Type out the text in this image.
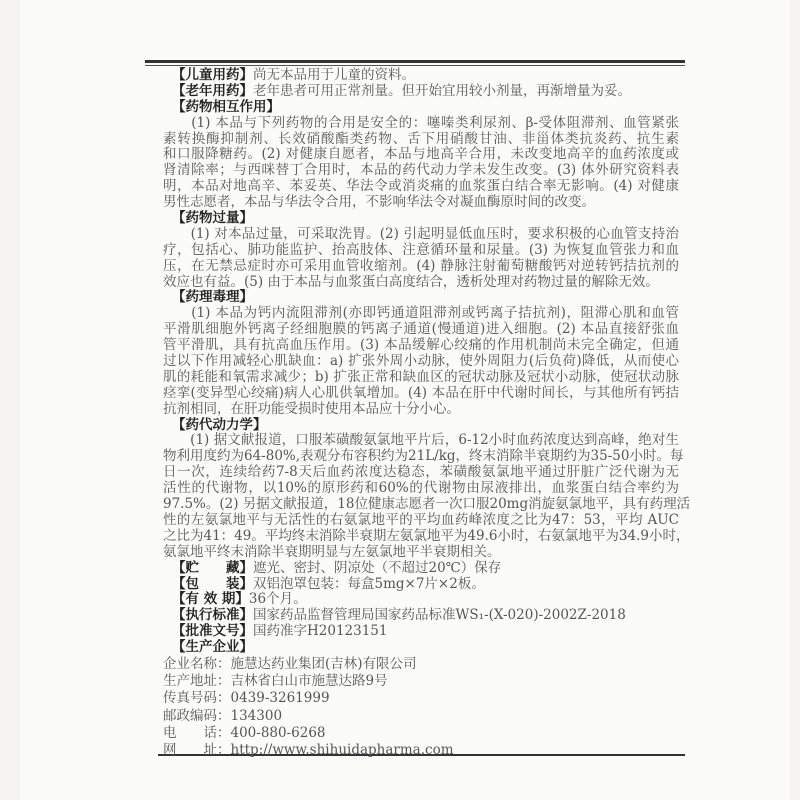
【儿童用药】尚无本品用于儿童的资料。
【老年用药】老年患者可用正常剂量。但开始宜用较小剂量，再渐增量为妥。
【药物相互作用】
　　(1) 本品与下列药物的合用是安全的：噻嗪类利尿剂、β-受体阻滞剂、血管紧张
素转换酶抑制剂、长效硝酸酯类药物、舌下用硝酸甘油、非甾体类抗炎药、抗生素
和口服降糖药。(2) 对健康自愿者，本品与地高辛合用，未改变地高辛的血药浓度或
肾清除率；与西咪替丁合用时，本品的药代动力学未发生改变。(3) 体外研究资料表
明，本品对地高辛、苯妥英、华法令或消炎痛的血浆蛋白结合率无影响。(4) 对健康
男性志愿者，本品与华法令合用，不影响华法令对凝血酶原时间的改变。
【药物过量】
　　(1) 对本品过量，可采取洗胃。(2) 引起明显低血压时，要求积极的心血管支持治
疗，包括心、肺功能监护、抬高肢体、注意循环量和尿量。(3) 为恢复血管张力和血
压，在无禁忌症时亦可采用血管收缩剂。(4) 静脉注射葡萄糖酸钙对逆转钙拮抗剂的
效应也有益。(5) 由于本品与血浆蛋白高度结合，透析处理对药物过量的解除无效。
【药理毒理】
　　(1) 本品为钙内流阻滞剂(亦即钙通道阻滞剂或钙离子拮抗剂)，阻滞心肌和血管
平滑肌细胞外钙离子经细胞膜的钙离子通道(慢通道)进入细胞。(2) 本品直接舒张血
管平滑肌，具有抗高血压作用。(3) 本品缓解心绞痛的作用机制尚未完全确定，但通
过以下作用减轻心肌缺血：a) 扩张外周小动脉，使外周阻力(后负荷)降低，从而使心
肌的耗能和氧需求减少；b) 扩张正常和缺血区的冠状动脉及冠状小动脉，使冠状动脉
痉挛(变异型心绞痛)病人心肌供氧增加。(4) 本品在肝中代谢时间长，与其他所有钙拮
抗剂相同，在肝功能受损时使用本品应十分小心。
【药代动力学】
　　(1) 据文献报道，口服苯磺酸氨氯地平片后，6-12小时血药浓度达到高峰，绝对生
物利用度约为64-80%,表观分布容积约为21L/kg，终末消除半衰期约为35-50小时。每
日一次，连续给药7-8天后血药浓度达稳态，苯磺酸氨氯地平通过肝脏广泛代谢为无
活性的代谢物，以10%的原形药和60%的代谢物由尿液排出，血浆蛋白结合率约为
97.5%。(2) 另据文献报道，18位健康志愿者一次口服20mg消旋氨氯地平，具有药理活
性的左氨氯地平与无活性的右氨氯地平的平均血药峰浓度之比为47：53，平均 AUC
之比为41：49。平均终末消除半衰期左氨氯地平为49.6小时，右氨氯地平为34.9小时，
氨氯地平终末消除半衰期明显与左氨氯地平半衰期相关。
【贮　　藏】遮光、密封、阴凉处（不超过20℃）保存
【包　　装】双铝泡罩包装：每盒5mg×7片×2板。
【有 效 期】36个月。
【执行标准】国家药品监督管理局国家药品标准WS₁-(X-020)-2002Z-2018
【批准文号】国药准字H20123151
【生产企业】
企业名称：施慧达药业集团(吉林)有限公司
生产地址：吉林省白山市施慧达路9号
传真号码：0439-3261999
邮政编码：134300
电　　话：400-880-6268
网　　址：http://www.shihuidapharma.com
